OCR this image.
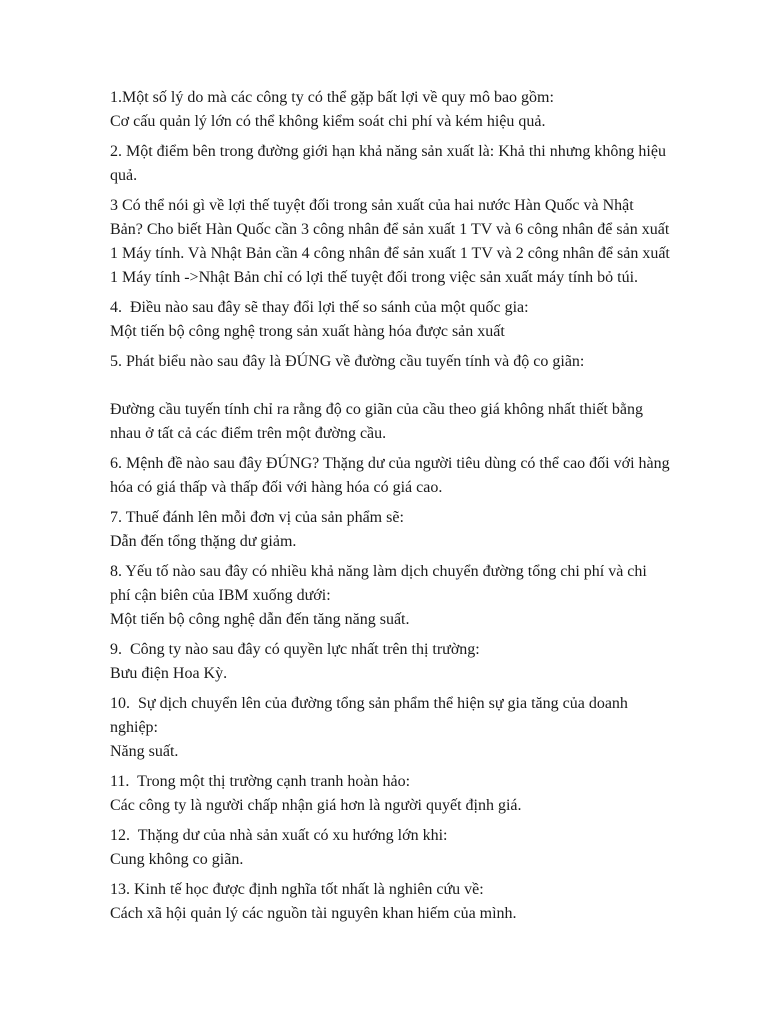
1.Một số lý do mà các công ty có thể gặp bất lợi về quy mô bao gồm:

Cơ cấu quản lý lớn có thể không kiểm soát chi phí và kém hiệu quả.

2. Một điểm bên trong đường giới hạn khả năng sản xuất là: Khả thi nhưng không hiệu quả.

3 Có thể nói gì về lợi thế tuyệt đối trong sản xuất của hai nước Hàn Quốc và Nhật Bản? Cho biết Hàn Quốc cần 3 công nhân để sản xuất 1 TV và 6 công nhân để sản xuất 1 Máy tính. Và Nhật Bản cần 4 công nhân để sản xuất 1 TV và 2 công nhân để sản xuất 1 Máy tính ->Nhật Bản chỉ có lợi thế tuyệt đối trong việc sản xuất máy tính bỏ túi.

4.  Điều nào sau đây sẽ thay đổi lợi thế so sánh của một quốc gia:

Một tiến bộ công nghệ trong sản xuất hàng hóa được sản xuất

5. Phát biểu nào sau đây là ĐÚNG về đường cầu tuyến tính và độ co giãn:

Đường cầu tuyến tính chỉ ra rằng độ co giãn của cầu theo giá không nhất thiết bằng nhau ở tất cả các điểm trên một đường cầu.

6. Mệnh đề nào sau đây ĐÚNG? Thặng dư của người tiêu dùng có thể cao đối với hàng hóa có giá thấp và thấp đối với hàng hóa có giá cao.

7. Thuế đánh lên mỗi đơn vị của sản phẩm sẽ:

Dẫn đến tổng thặng dư giảm.

8. Yếu tố nào sau đây có nhiều khả năng làm dịch chuyển đường tổng chi phí và chi phí cận biên của IBM xuống dưới:

Một tiến bộ công nghệ dẫn đến tăng năng suất.

9.  Công ty nào sau đây có quyền lực nhất trên thị trường:

Bưu điện Hoa Kỳ.

10.  Sự dịch chuyển lên của đường tổng sản phẩm thể hiện sự gia tăng của doanh nghiệp:

Năng suất.

11.  Trong một thị trường cạnh tranh hoàn hảo:

Các công ty là người chấp nhận giá hơn là người quyết định giá.

12.  Thặng dư của nhà sản xuất có xu hướng lớn khi:

Cung không co giãn.

13. Kinh tế học được định nghĩa tốt nhất là nghiên cứu về:

Cách xã hội quản lý các nguồn tài nguyên khan hiếm của mình.
